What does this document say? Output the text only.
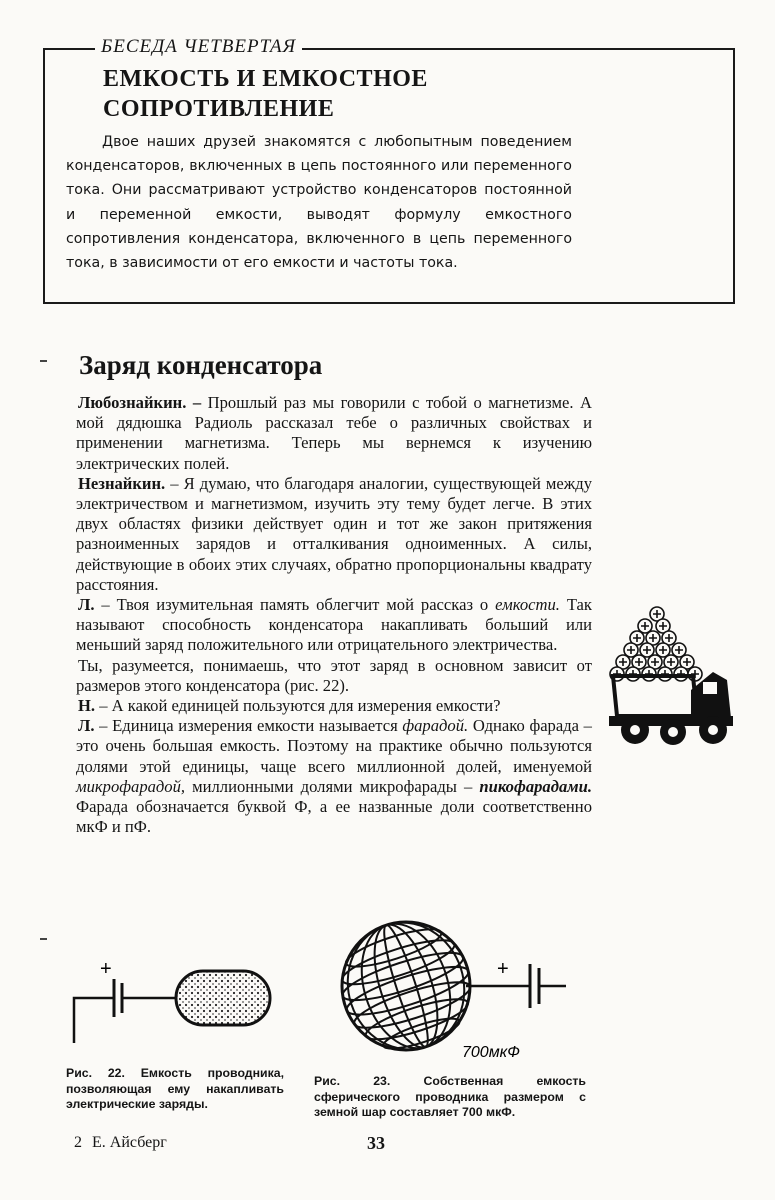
БЕСЕДА ЧЕТВЕРТАЯ

ЕМКОСТЬ И ЕМКОСТНОЕ
СОПРОТИВЛЕНИЕ

Двое наших друзей знакомятся с любопытным поведением конденсаторов, включенных в цепь постоянного или переменного тока. Они рассматривают устройство конденсаторов постоянной и переменной емкости, выводят формулу емкостного сопротивления конденсатора, включенного в цепь переменного тока, в зависимости от его емкости и частоты тока.

Заряд конденсатора

Любознайкин. – Прошлый раз мы говорили с тобой о магнетизме. А мой дядюшка Радиоль рассказал тебе о различных свойствах и применении магнетизма. Теперь мы вернемся к изучению электрических полей.

Незнайкин. – Я думаю, что благодаря аналогии, существующей между электричеством и магнетизмом, изучить эту тему будет легче. В этих двух областях физики действует один и тот же закон притяжения разноименных зарядов и отталкивания одноименных. А силы, действующие в обоих этих случаях, обратно пропорциональны квадрату расстояния.

Л. – Твоя изумительная память облегчит мой рассказ о емкости. Так называют способность конденсатора накапливать больший или меньший заряд положительного или отрицательного электричества.

Ты, разумеется, понимаешь, что этот заряд в основном зависит от размеров этого конденсатора (рис. 22).

Н. – А какой единицей пользуются для измерения емкости?

Л. – Единица измерения емкости называется фарадой. Однако фарада – это очень большая емкость. Поэтому на практике обычно пользуются долями этой единицы, чаще всего миллионной долей, именуемой микрофарадой, миллионными долями микрофарады – пикофарадами. Фарада обозначается буквой Ф, а ее названные доли соответственно мкФ и пФ.

+	+
700мкФ

Рис. 22. Емкость проводника, позволяющая ему накапливать электрические заряды.

Рис. 23. Собственная емкость сферического проводника размером с земной шар составляет 700 мкФ.

2 Е. Айсберг	33
